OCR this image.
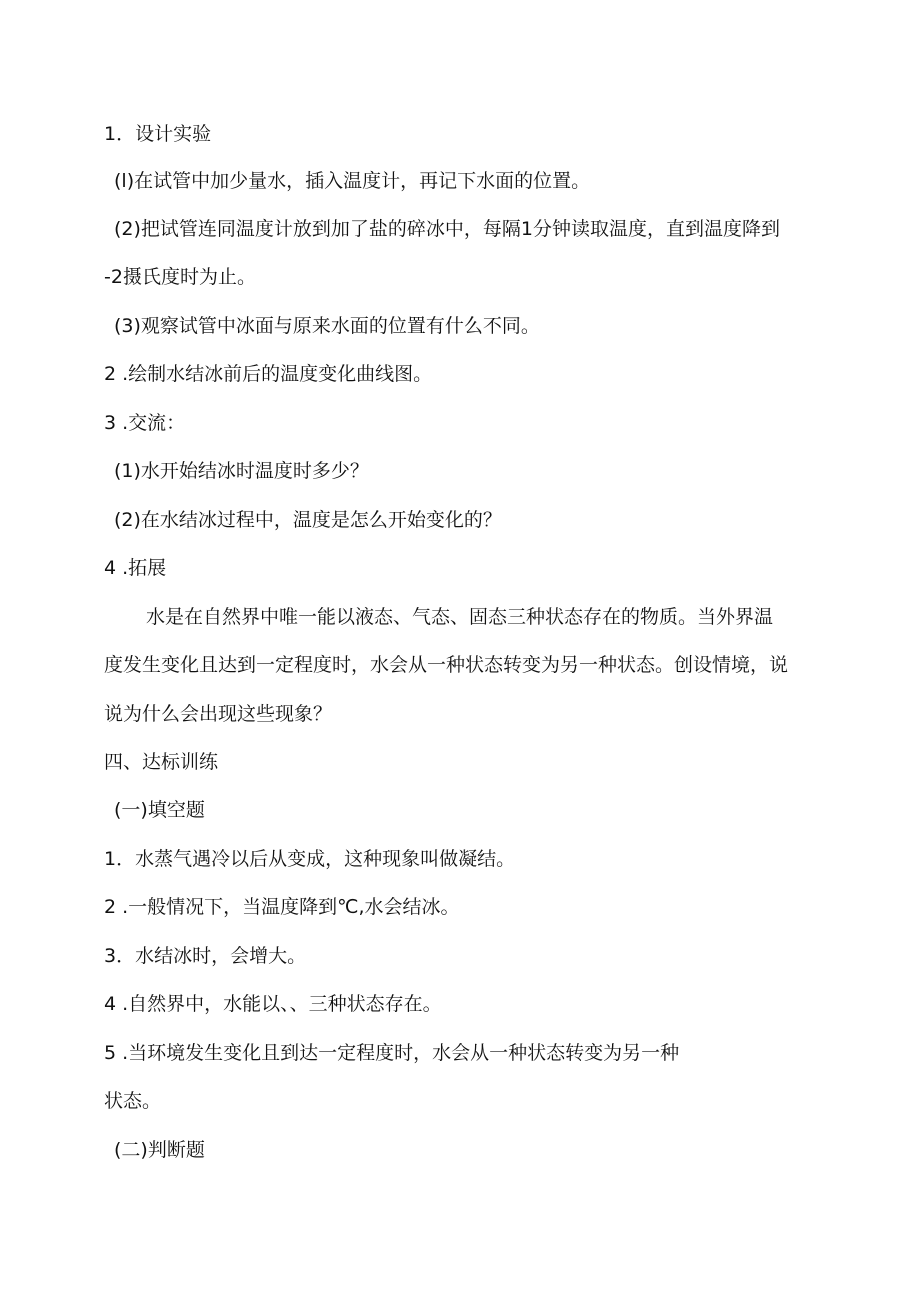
1．设计实验
(l)在试管中加少量水，插入温度计，再记下水面的位置。
(2)把试管连同温度计放到加了盐的碎冰中，每隔1分钟读取温度，直到温度降到
-2摄氏度时为止。
(3)观察试管中冰面与原来水面的位置有什么不同。
2 .绘制水结冰前后的温度变化曲线图。
3 .交流：
(1)水开始结冰时温度时多少？
(2)在水结冰过程中，温度是怎么开始变化的？
4 .拓展
水是在自然界中唯一能以液态、气态、固态三种状态存在的物质。当外界温
度发生变化且达到一定程度时，水会从一种状态转变为另一种状态。创设情境，说
说为什么会出现这些现象？
四、达标训练
(一)填空题
1．水蒸气遇冷以后从变成，这种现象叫做凝结。
2 .一般情况下，当温度降到℃,水会结冰。
3．水结冰时，会增大。
4 .自然界中，水能以、、三种状态存在。
5 .当环境发生变化且到达一定程度时，水会从一种状态转变为另一种
状态。
(二)判断题
